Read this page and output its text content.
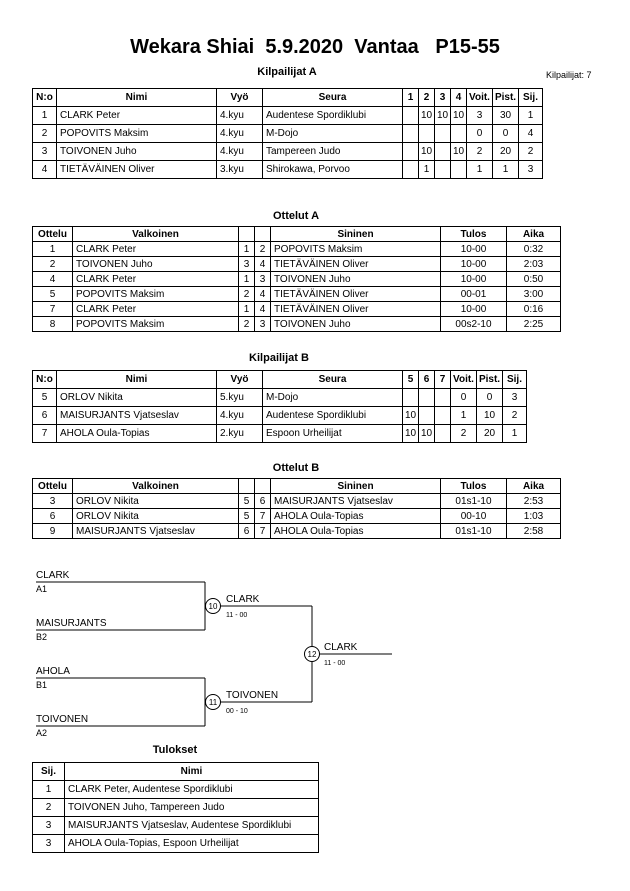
Wekara Shiai  5.9.2020  Vantaa   P15-55
Kilpailijat: 7
Kilpailijat A
N:o	Nimi	Vyö	Seura	1	2	3	4	Voit.	Pist.	Sij.
1	CLARK Peter	4.kyu	Audentese Spordiklubi		10	10	10	3	30	1
2	POPOVITS Maksim	4.kyu	M-Dojo					0	0	4
3	TOIVONEN Juho	4.kyu	Tampereen Judo		10		10	2	20	2
4	TIETÄVÄINEN Oliver	3.kyu	Shirokawa, Porvoo		1			1	1	3
Ottelut A
Ottelu	Valkoinen			Sininen	Tulos	Aika
1	CLARK Peter	1	2	POPOVITS Maksim	10-00	0:32
2	TOIVONEN Juho	3	4	TIETÄVÄINEN Oliver	10-00	2:03
4	CLARK Peter	1	3	TOIVONEN Juho	10-00	0:50
5	POPOVITS Maksim	2	4	TIETÄVÄINEN Oliver	00-01	3:00
7	CLARK Peter	1	4	TIETÄVÄINEN Oliver	10-00	0:16
8	POPOVITS Maksim	2	3	TOIVONEN Juho	00s2-10	2:25
Kilpailijat B
N:o	Nimi	Vyö	Seura	5	6	7	Voit.	Pist.	Sij.
5	ORLOV Nikita	5.kyu	M-Dojo				0	0	3
6	MAISURJANTS Vjatseslav	4.kyu	Audentese Spordiklubi	10			1	10	2
7	AHOLA Oula-Topias	2.kyu	Espoon Urheilijat	10	10		2	20	1
Ottelut B
Ottelu	Valkoinen			Sininen	Tulos	Aika
3	ORLOV Nikita	5	6	MAISURJANTS Vjatseslav	01s1-10	2:53
6	ORLOV Nikita	5	7	AHOLA Oula-Topias	00-10	1:03
9	MAISURJANTS Vjatseslav	6	7	AHOLA Oula-Topias	01s1-10	2:58
CLARK
A1
MAISURJANTS
B2
10
CLARK
11 - 00
AHOLA
B1
TOIVONEN
A2
11
TOIVONEN
00 - 10
12
CLARK
11 - 00
Tulokset
Sij.	Nimi
1	CLARK Peter, Audentese Spordiklubi
2	TOIVONEN Juho, Tampereen Judo
3	MAISURJANTS Vjatseslav, Audentese Spordiklubi
3	AHOLA Oula-Topias, Espoon Urheilijat
